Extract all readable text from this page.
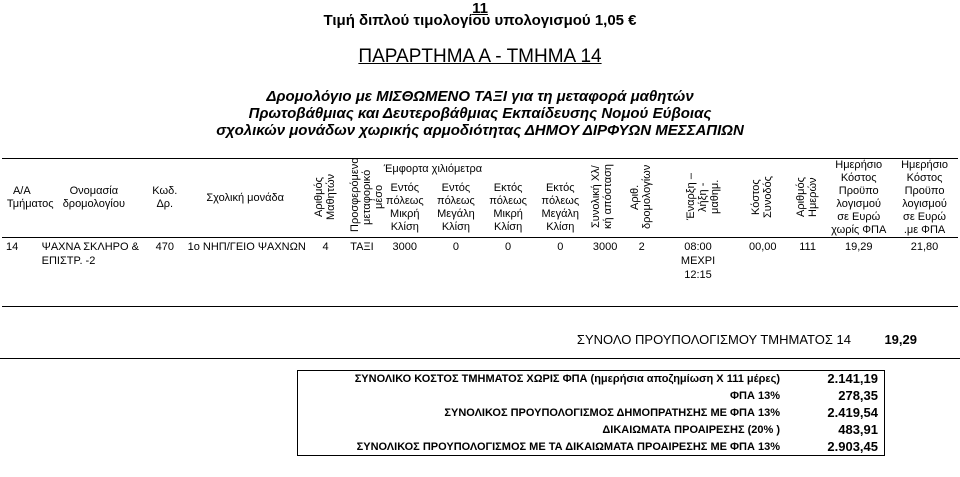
11
Τιμή διπλού τιμολογίου υπολογισμού 1,05 €
ΠΑΡΑΡΤΗΜΑ Α - ΤΜΗΜΑ 14
Δρομολόγιο με ΜΙΣΘΩΜΕΝΟ ΤΑΞΙ για τη μεταφορά μαθητών
Πρωτοβάθμιας και Δευτεροβάθμιας Εκπαίδευσης Νομού Εύβοιας
σχολικών μονάδων χωρικής αρμοδιότητας ΔΗΜΟΥ ΔΙΡΦΥΩΝ ΜΕΣΣΑΠΙΩΝ
Α/Α Τμήματος	Ονομασία δρομολογίου	Κωδ. Δρ.	Σχολική μονάδα	Αριθμός Μαθητών	Προσφερόμενο μεταφορικό μέσο	Έμφορτα χιλιόμετρα				Συνολική Χλ/κή απόσταση	Αριθ. δρομολογίων	Έναρξη – λήξη - μαθημ.	Κόστος Συνοδός	Αριθμός Ημερών	Ημερήσιο Κόστος Προϋπο λογισμού σε Ευρώ χωρίς ΦΠΑ	Ημερήσιο Κόστος Προϋπο λογισμού σε Ευρώ .με ΦΠΑ

						Εντός πόλεως Μικρή Κλίση	Εντός πόλεως Μεγάλη Κλίση	Εκτός πόλεως Μικρή Κλίση	Εκτός πόλεως Μεγάλη Κλίση							

14	ΨΑΧΝΑ ΣΚΛΗΡΟ & ΕΠΙΣΤΡ. -2	470	1ο ΝΗΠ/ΓΕΙΟ ΨΑΧΝΩΝ	4	ΤΑΞΙ	3000	0	0	0	3000	2	08:00 ΜΕΧΡΙ 12:15	00,00	111	19,29	21,80
ΣΥΝΟΛΟ ΠΡΟΥΠΟΛΟΓΙΣΜΟΥ ΤΜΗΜΑΤΟΣ 14	19,29
ΣΥΝΟΛΙΚΟ ΚΟΣΤΟΣ ΤΜΗΜΑΤΟΣ ΧΩΡΙΣ ΦΠΑ (ημερήσια αποζημίωση Χ 111 μέρες)	2.141,19
ΦΠΑ 13%	278,35
ΣΥΝΟΛΙΚΟΣ ΠΡΟΥΠΟΛΟΓΙΣΜΟΣ ΔΗΜΟΠΡΑΤΗΣΗΣ ΜΕ ΦΠΑ 13%	2.419,54
ΔΙΚΑΙΩΜΑΤΑ ΠΡΟΑΙΡΕΣΗΣ (20% )	483,91
ΣΥΝΟΛΙΚΟΣ ΠΡΟΥΠΟΛΟΓΙΣΜΟΣ ΜΕ ΤΑ ΔΙΚΑΙΩΜΑΤΑ ΠΡΟΑΙΡΕΣΗΣ ΜΕ ΦΠΑ 13%	2.903,45
